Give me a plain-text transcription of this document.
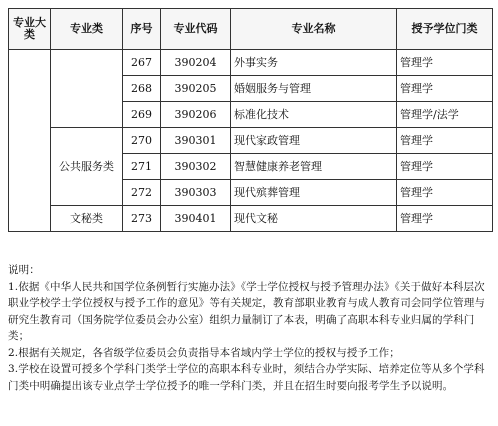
专业大类	专业类	序号	专业代码	专业名称	授予学位门类
		267	390204	外事实务	管理学
		268	390205	婚姻服务与管理	管理学
		269	390206	标准化技术	管理学/法学
	公共服务类	270	390301	现代家政管理	管理学
		271	390302	智慧健康养老管理	管理学
		272	390303	现代殡葬管理	管理学
	文秘类	273	390401	现代文秘	管理学

说明：

1.依据《中华人民共和国学位条例暂行实施办法》《学士学位授权与授予管理办法》《关于做好本科层次职业学校学士学位授权与授予工作的意见》等有关规定，教育部职业教育与成人教育司会同学位管理与研究生教育司（国务院学位委员会办公室）组织力量制订了本表，明确了高职本科专业归属的学科门类；

2.根据有关规定，各省级学位委员会负责指导本省域内学士学位的授权与授予工作；

3.学校在设置可授多个学科门类学士学位的高职本科专业时，须结合办学实际、培养定位等从多个学科门类中明确提出该专业点学士学位授予的唯一学科门类，并且在招生时要向报考学生予以说明。
